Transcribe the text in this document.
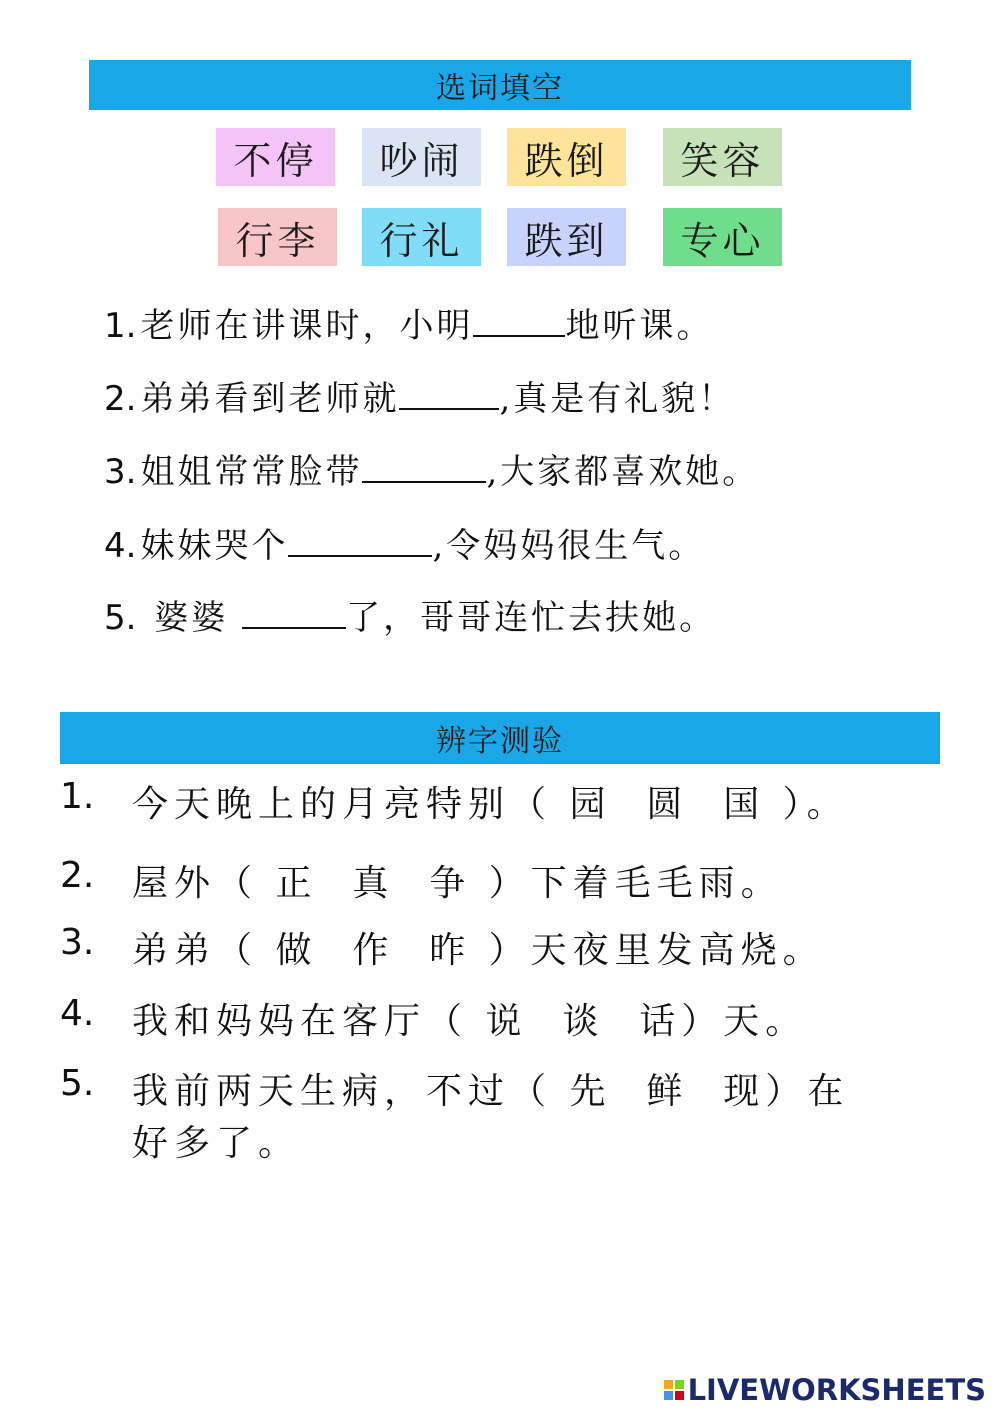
选词填空
不停	吵闹	跌倒	笑容
行李	行礼	跌到	专心
1. 老师在讲课时，小明	地听课。
2. 弟弟看到老师就	,真是有礼貌！
3. 姐姐常常脸带	,大家都喜欢她。
4. 妹妹哭个	,令妈妈很生气。
5. 婆婆	了，哥哥连忙去扶她。
辨字测验
1. 今天晚上的月亮特别（ 园  圆  国 ）。
2. 屋外（ 正  真  争 ）下着毛毛雨。
3. 弟弟（ 做  作  昨 ）天夜里发高烧。
4. 我和妈妈在客厅（ 说  谈  话）天。
5. 我前两天生病，不过（ 先  鲜  现）在
好多了。
LIVEWORKSHEETS
